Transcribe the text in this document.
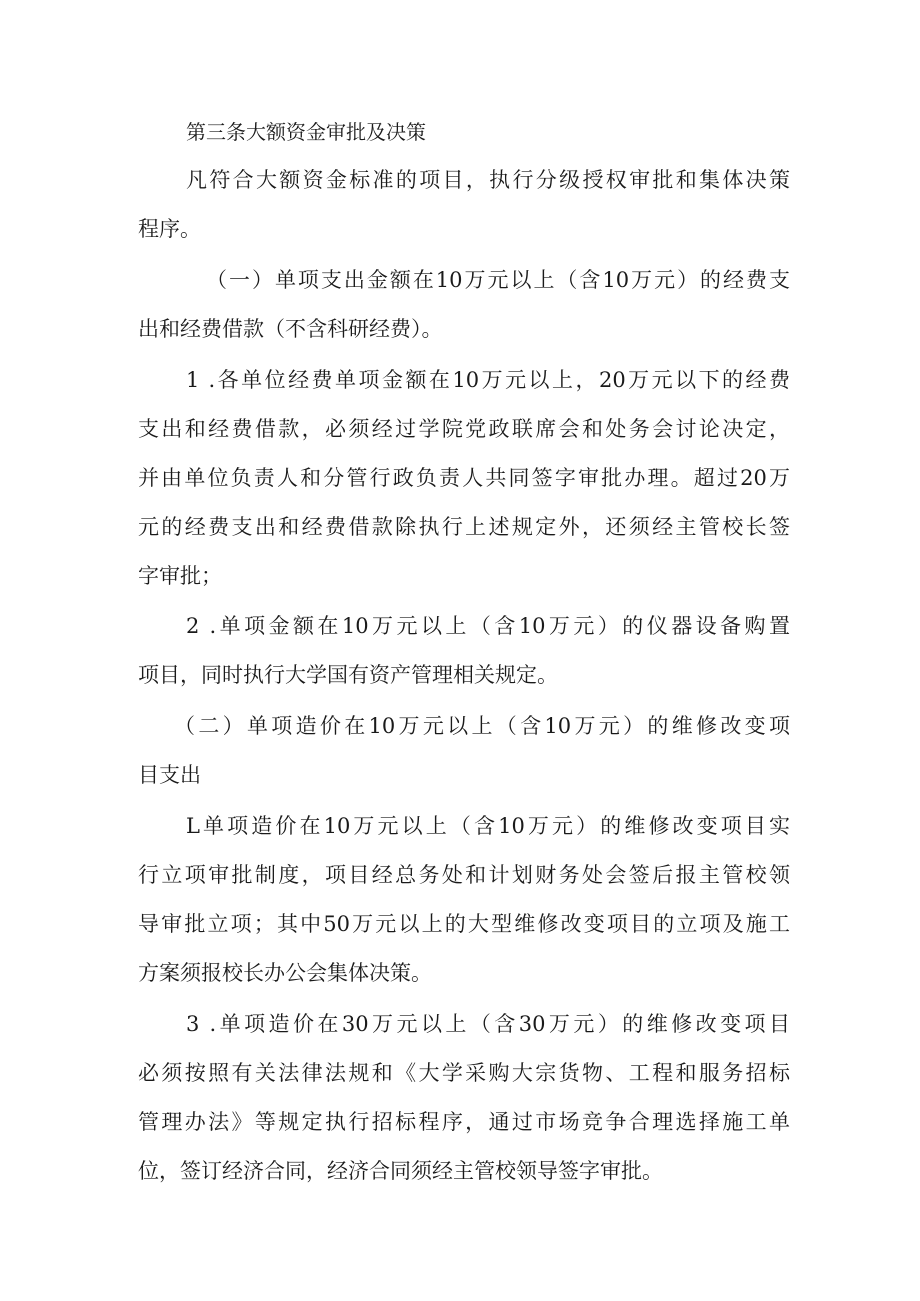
第三条大额资金审批及决策
凡符合大额资金标准的项目，执行分级授权审批和集体决策
程序。
（一）单项支出金额在10万元以上（含10万元）的经费支
出和经费借款（不含科研经费）。
1 .各单位经费单项金额在10万元以上，20万元以下的经费
支出和经费借款，必须经过学院党政联席会和处务会讨论决定，
并由单位负责人和分管行政负责人共同签字审批办理。超过20万
元的经费支出和经费借款除执行上述规定外，还须经主管校长签
字审批；
2 .单项金额在10万元以上（含10万元）的仪器设备购置
项目，同时执行大学国有资产管理相关规定。
（二）单项造价在10万元以上（含10万元）的维修改变项
目支出
L单项造价在10万元以上（含10万元）的维修改变项目实
行立项审批制度，项目经总务处和计划财务处会签后报主管校领
导审批立项；其中50万元以上的大型维修改变项目的立项及施工
方案须报校长办公会集体决策。
3 .单项造价在30万元以上（含30万元）的维修改变项目
必须按照有关法律法规和《大学采购大宗货物、工程和服务招标
管理办法》等规定执行招标程序，通过市场竞争合理选择施工单
位，签订经济合同，经济合同须经主管校领导签字审批。
